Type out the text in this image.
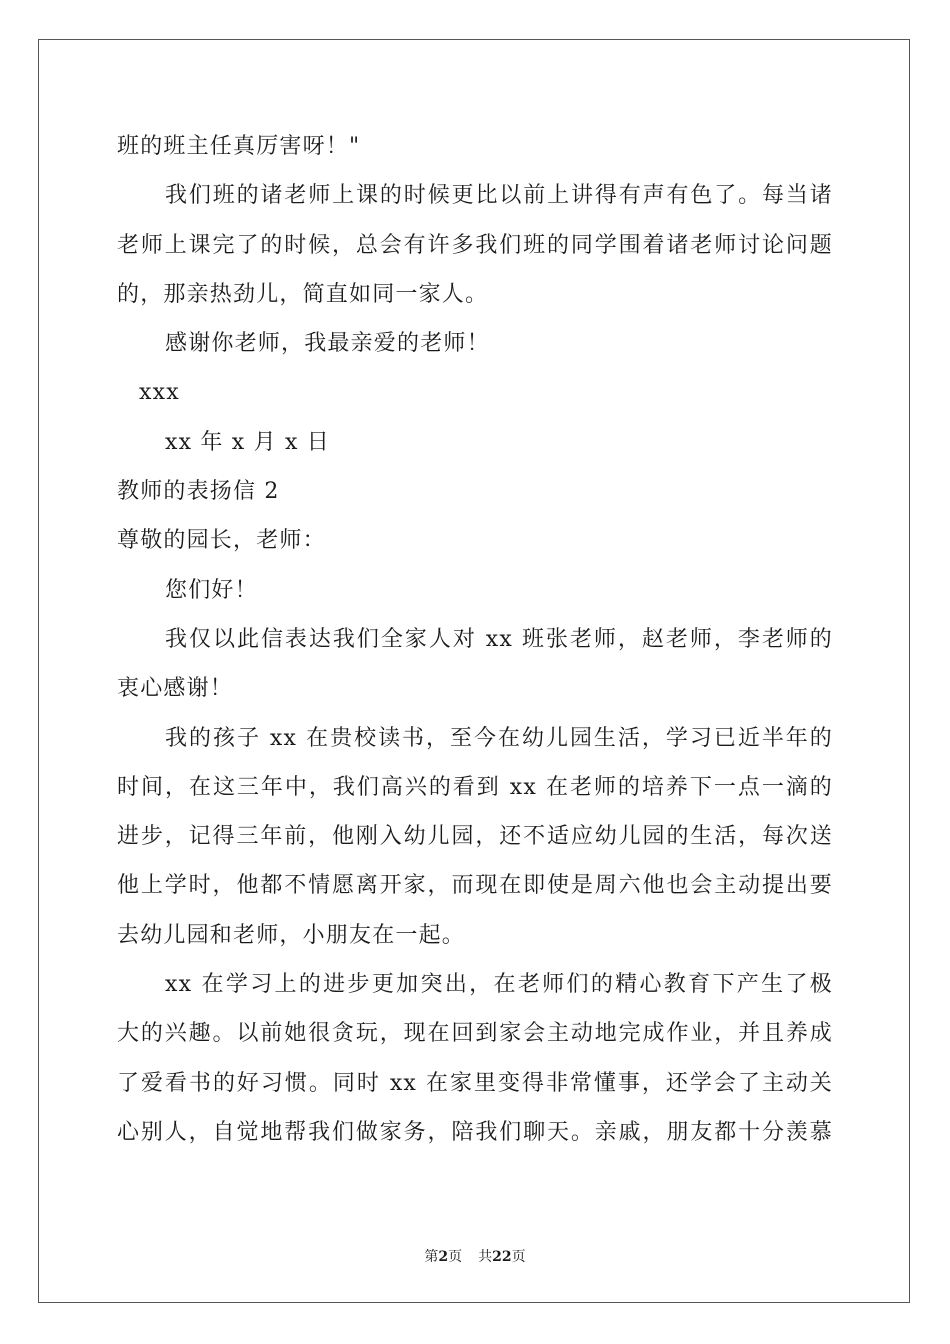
班的班主任真厉害呀！"
我们班的诸老师上课的时候更比以前上讲得有声有色了。每当诸
老师上课完了的时候，总会有许多我们班的同学围着诸老师讨论问题
的，那亲热劲儿，简直如同一家人。
感谢你老师，我最亲爱的老师！
xxx
xx 年 x 月 x 日
教师的表扬信 2
尊敬的园长，老师：
您们好！
我仅以此信表达我们全家人对 xx 班张老师，赵老师，李老师的
衷心感谢！
我的孩子 xx 在贵校读书，至今在幼儿园生活，学习已近半年的
时间，在这三年中，我们高兴的看到 xx 在老师的培养下一点一滴的
进步，记得三年前，他刚入幼儿园，还不适应幼儿园的生活，每次送
他上学时，他都不情愿离开家，而现在即使是周六他也会主动提出要
去幼儿园和老师，小朋友在一起。
xx 在学习上的进步更加突出，在老师们的精心教育下产生了极
大的兴趣。以前她很贪玩，现在回到家会主动地完成作业，并且养成
了爱看书的好习惯。同时 xx 在家里变得非常懂事，还学会了主动关
心别人，自觉地帮我们做家务，陪我们聊天。亲戚，朋友都十分羡慕
第2页 共22页
